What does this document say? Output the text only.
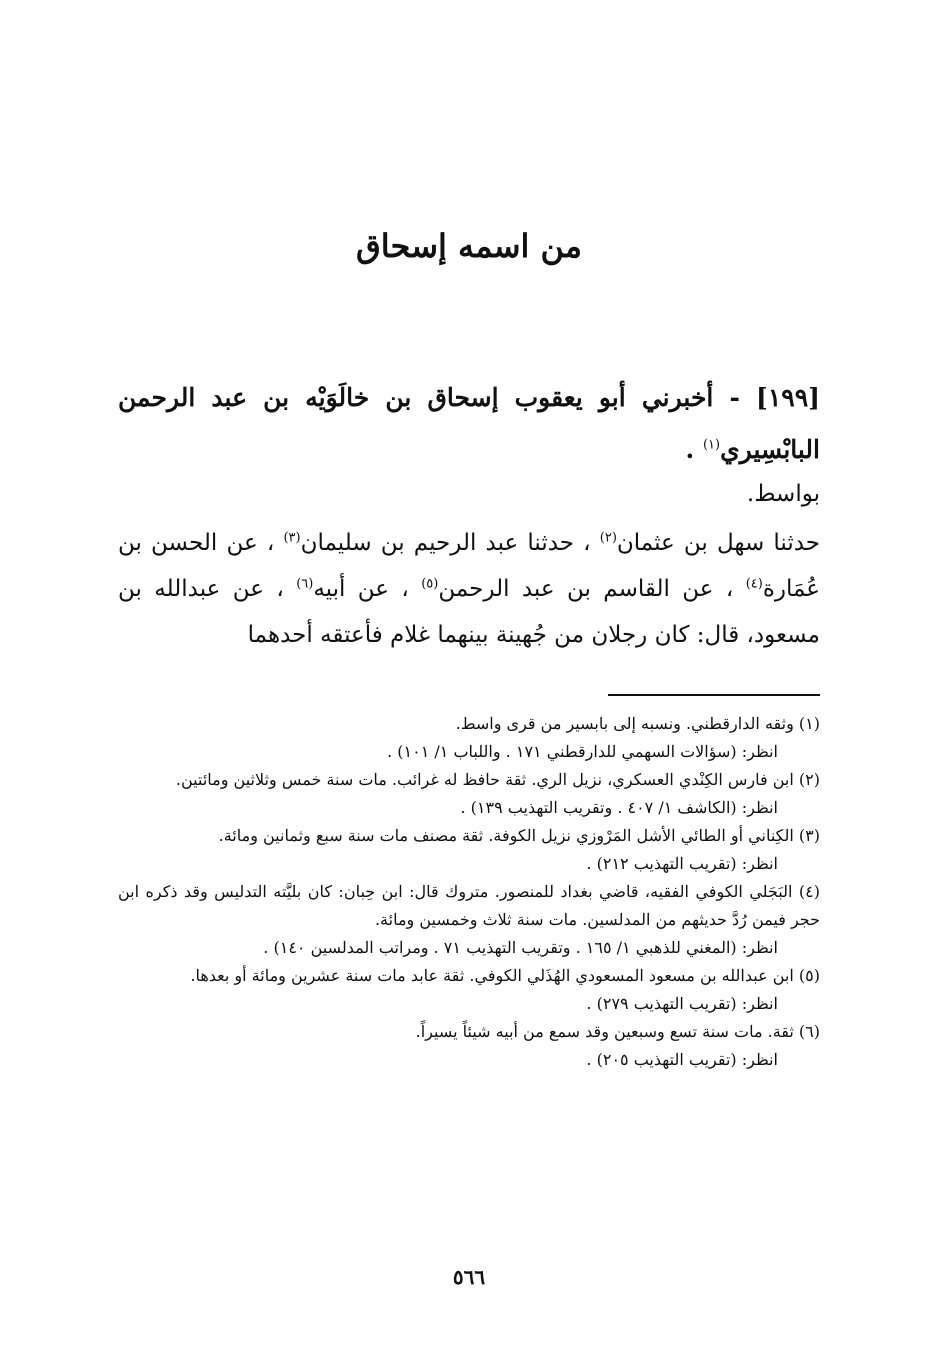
من اسمه إسحاق
[١٩٩] - أخبرني أبو يعقوب إسحاق بن خالَوَيْه بن عبد الرحمن البابْسِيري$^{(١)}$ .
بواسط.
حدثنا سهل بن عثمان$^{(٢)}$ ، حدثنا عبد الرحيم بن سليمان$^{(٣)}$ ، عن الحسن بن عُمَارة$^{(٤)}$ ، عن القاسم بن عبد الرحمن$^{(٥)}$ ، عن أبيه$^{(٦)}$ ، عن عبدالله بن مسعود، قال: كان رجلان من جُهينة بينهما غلام فأعتقه أحدهما

(١) وثقه الدارقطني. ونسبه إلى بابسير من قرى واسط.

انظر: (سؤالات السهمي للدارقطني ١٧١ . واللباب ١/ ١٠١) .

(٢) ابن فارس الكِنْدي العسكري، نزيل الري. ثقة حافظ له غرائب. مات سنة خمس وثلاثين ومائتين.

انظر: (الكاشف ١/ ٤٠٧ . وتقريب التهذيب ١٣٩) .

(٣) الكِناني أو الطائي الأشل المَرْوزي نزيل الكوفة. ثقة مصنف مات سنة سبع وثمانين ومائة.

انظر: (تقريب التهذيب ٢١٢) .

(٤) البَجَلي الكوفي الفقيه، قاضي بغداد للمنصور. متروك قال: ابن حِبان: كان بليَّته التدليس وقد ذكره ابن حجر فيمن رُدَّ حديثهم من المدلسين. مات سنة ثلاث وخمسين ومائة.

انظر: (المغني للذهبي ١/ ١٦٥ . وتقريب التهذيب ٧١ . ومراتب المدلسين ١٤٠) .

(٥) ابن عبدالله بن مسعود المسعودي الهُذَلي الكوفي. ثقة عابد مات سنة عشرين ومائة أو بعدها.

انظر: (تقريب التهذيب ٢٧٩) .

(٦) ثقة. مات سنة تسع وسبعين وقد سمع من أبيه شيئاً يسيراً.

انظر: (تقريب التهذيب ٢٠٥) .

٥٦٦
